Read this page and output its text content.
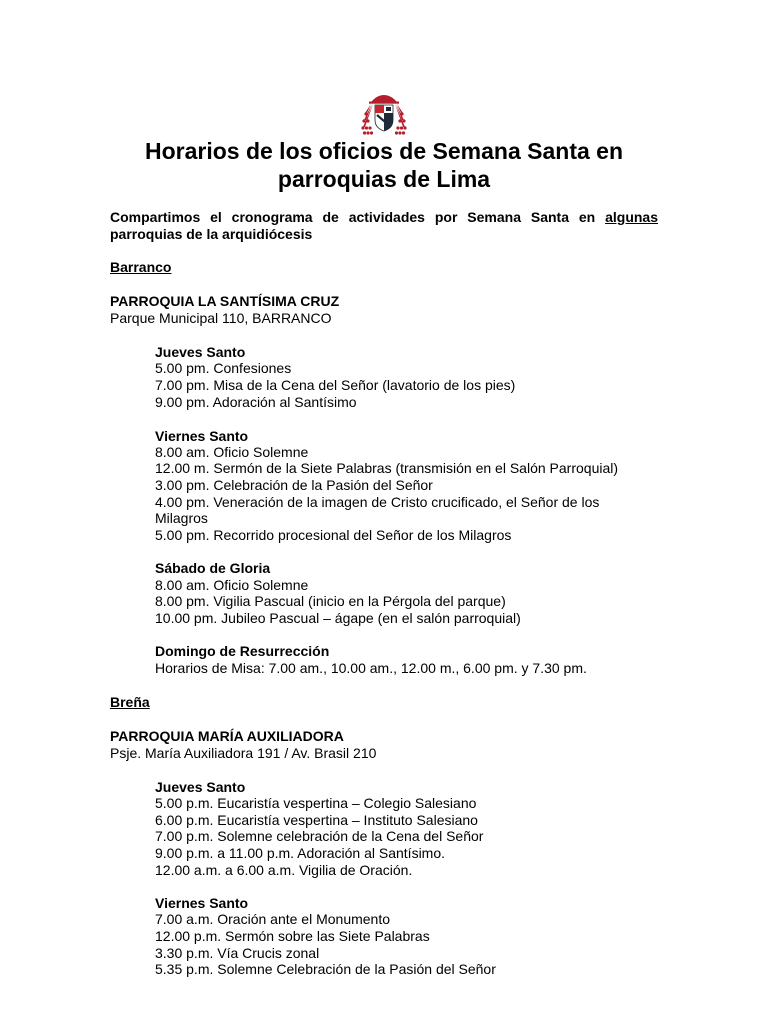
Horarios de los oficios de Semana Santa en parroquias de Lima

Compartimos el cronograma de actividades por Semana Santa en algunas parroquias de la arquidiócesis

Barranco

PARROQUIA LA SANTÍSIMA CRUZ

Parque Municipal 110, BARRANCO

Jueves Santo

5.00 pm. Confesiones

7.00 pm. Misa de la Cena del Señor (lavatorio de los pies)

9.00 pm. Adoración al Santísimo

Viernes Santo

8.00 am. Oficio Solemne

12.00 m. Sermón de la Siete Palabras (transmisión en el Salón Parroquial)

3.00 pm. Celebración de la Pasión del Señor

4.00 pm. Veneración de la imagen de Cristo crucificado, el Señor de los

Milagros

5.00 pm. Recorrido procesional del Señor de los Milagros

Sábado de Gloria

8.00 am. Oficio Solemne

8.00 pm. Vigilia Pascual (inicio en la Pérgola del parque)

10.00 pm. Jubileo Pascual – ágape (en el salón parroquial)

Domingo de Resurrección

Horarios de Misa: 7.00 am., 10.00 am., 12.00 m., 6.00 pm. y 7.30 pm.

Breña

PARROQUIA MARÍA AUXILIADORA

Psje. María Auxiliadora 191 / Av. Brasil 210

Jueves Santo

5.00 p.m. Eucaristía vespertina – Colegio Salesiano

6.00 p.m. Eucaristía vespertina – Instituto Salesiano

7.00 p.m. Solemne celebración de la Cena del Señor

9.00 p.m. a 11.00 p.m. Adoración al Santísimo.

12.00 a.m. a 6.00 a.m. Vigilia de Oración.

Viernes Santo

7.00 a.m. Oración ante el Monumento

12.00 p.m. Sermón sobre las Siete Palabras

3.30 p.m. Vía Crucis zonal

5.35 p.m. Solemne Celebración de la Pasión del Señor
